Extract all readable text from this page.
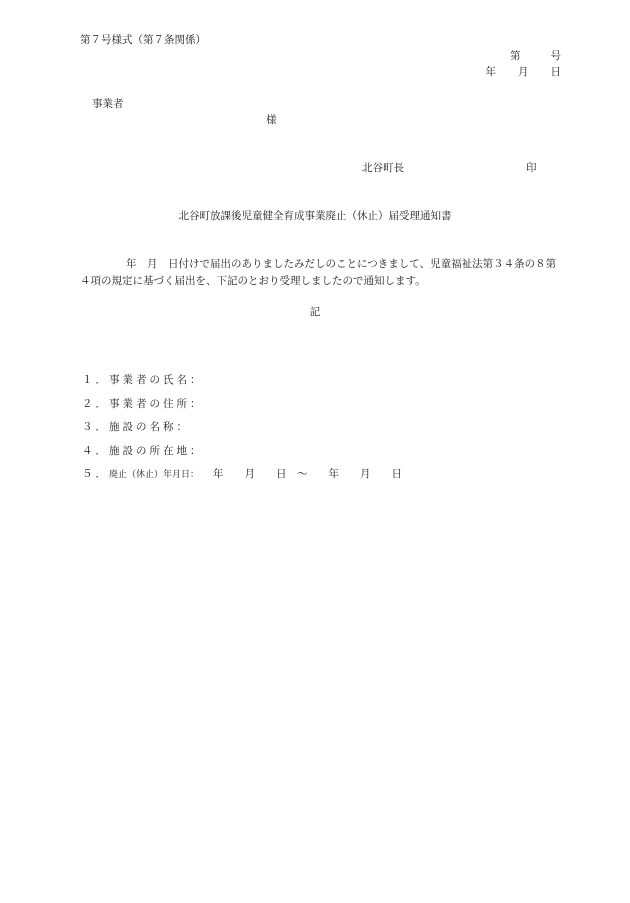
第７号様式（第７条関係）
第	号
年 月 日
事業者
様
北谷町長	印
北谷町放課後児童健全育成事業廃止（休止）届受理通知書
年　月　日付けで届出のありましたみだしのことにつきまして、児童福祉法第３４条の８第４項の規定に基づく届出を、下記のとおり受理しましたので通知します。
記
１．事業者の氏名：
２．事業者の住所：
３．施設の名称：
４．施設の所在地：
５．廃止（休止）年月日： 年　　月　　日　～　　年　　月　　日
